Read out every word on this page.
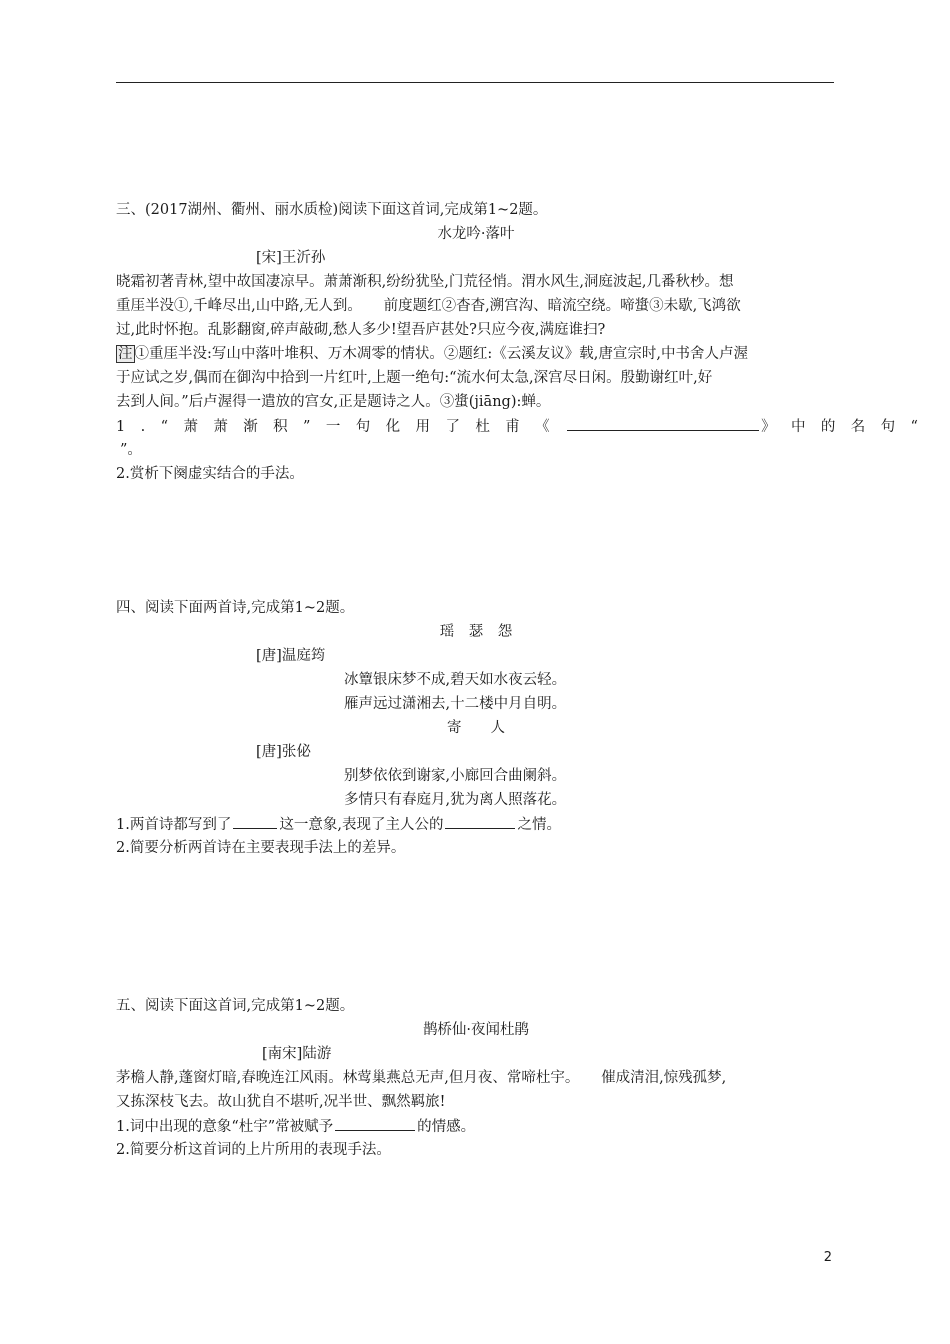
三、(2017湖州、衢州、丽水质检)阅读下面这首词,完成第1~2题。
水龙吟·落叶
[宋]王沂孙
晓霜初著青林,望中故国凄凉早。萧萧渐积,纷纷犹坠,门荒径悄。渭水风生,洞庭波起,几番秋杪。想
重厓半没①,千峰尽出,山中路,无人到。　　前度题红②杳杳,溯宫沟、暗流空绕。啼螀③未歇,飞鸿欲
过,此时怀抱。乱影翻窗,碎声敲砌,愁人多少!望吾庐甚处?只应今夜,满庭谁扫?
注 ①重厓半没:写山中落叶堆积、万木凋零的情状。②题红:《云溪友议》载,唐宣宗时,中书舍人卢渥
于应试之岁,偶而在御沟中拾到一片红叶,上题一绝句:“流水何太急,深宫尽日闲。殷勤谢红叶,好
去到人间。”后卢渥得一遣放的宫女,正是题诗之人。③螀(jiāng):蝉。
1.“萧萧渐积”一句化用了杜甫《	》中的名句“
”。
2.赏析下阕虚实结合的手法。
四、阅读下面两首诗,完成第1~2题。
瑶　瑟　怨
[唐]温庭筠
冰簟银床梦不成,碧天如水夜云轻。
雁声远过潇湘去,十二楼中月自明。
寄　　人
[唐]张佖
别梦依依到谢家,小廊回合曲阑斜。
多情只有春庭月,犹为离人照落花。
1.两首诗都写到了	这一意象,表现了主人公的	之情。
2.简要分析两首诗在主要表现手法上的差异。
五、阅读下面这首词,完成第1~2题。
鹊桥仙·夜闻杜鹃
[南宋]陆游
茅檐人静,蓬窗灯暗,春晚连江风雨。林莺巢燕总无声,但月夜、常啼杜宇。　　催成清泪,惊残孤梦,
又拣深枝飞去。故山犹自不堪听,况半世、飘然羁旅!
1.词中出现的意象“杜宇”常被赋予	的情感。
2.简要分析这首词的上片所用的表现手法。
2
